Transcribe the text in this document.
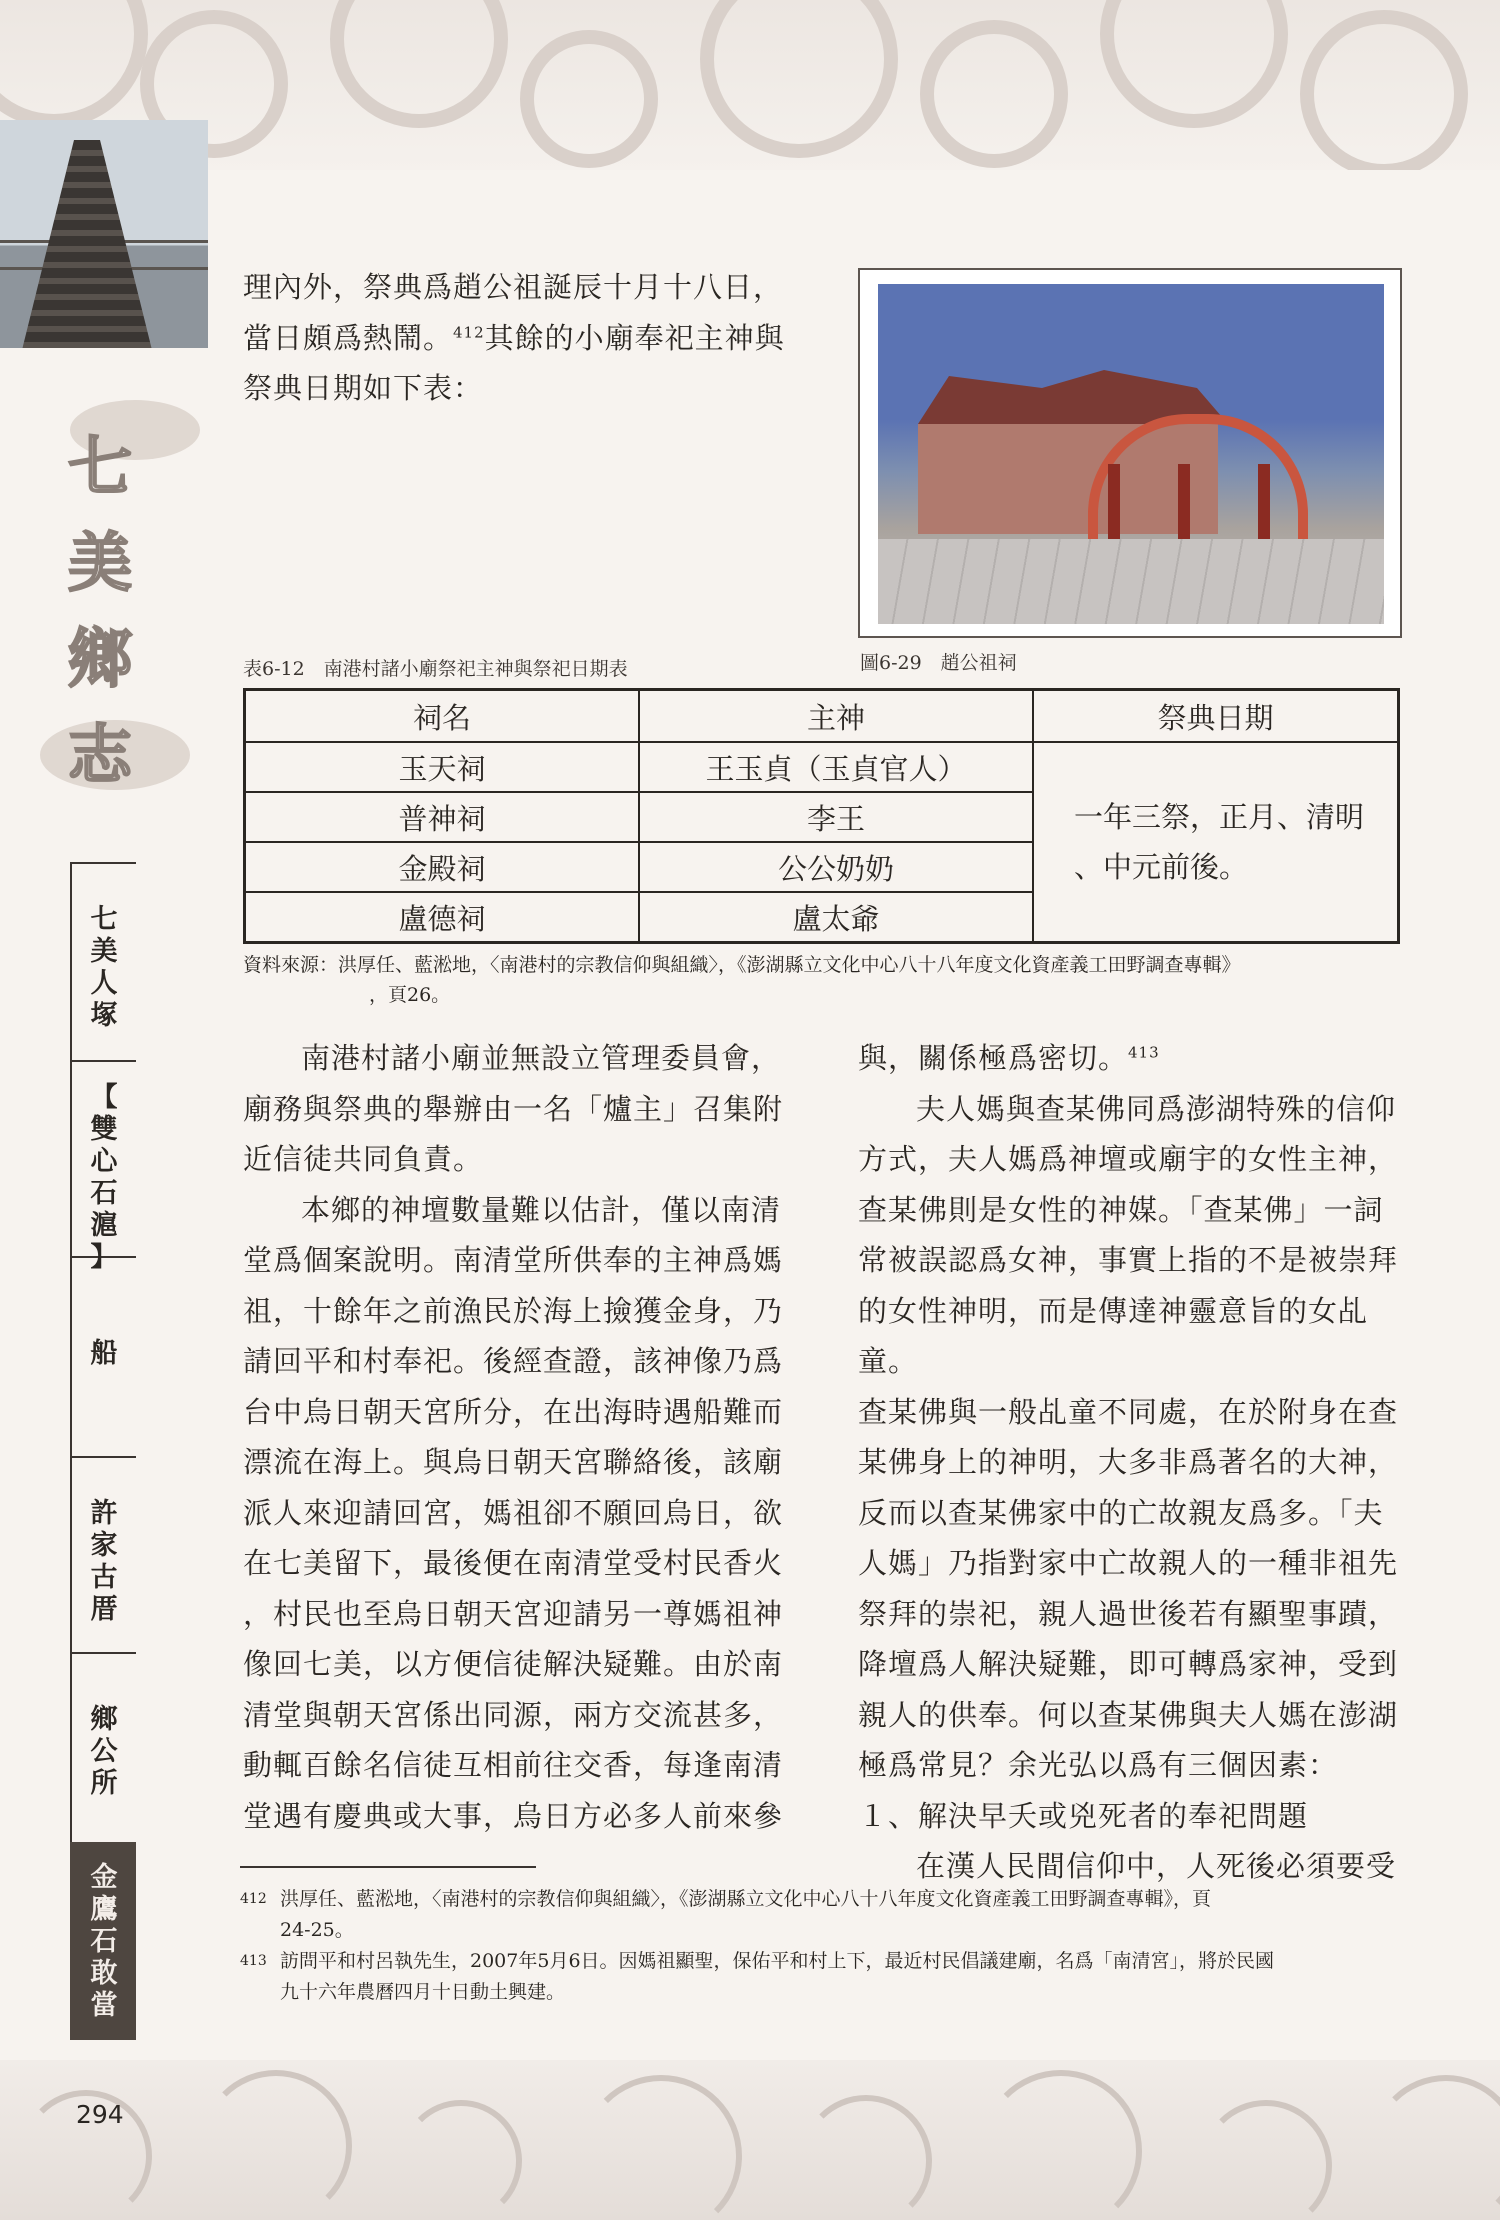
七
美
鄉
志
七
美
人
塚
【
雙
心
石
滬
】
船
許
家
古
厝
鄉
公
所
金
鷹
石
敢
當

理內外，祭典爲趙公祖誕辰十月十八日，

當日頗爲熱鬧。$^{412}$其餘的小廟奉祀主神與

祭典日期如下表：

圖6-29　趙公祖祠
表6-12　南港村諸小廟祭祀主神與祭祀日期表
祠名	主神	祭典日期
玉天祠	王玉貞（玉貞官人）	一年三祭，正月、清明
、中元前後。

普神祠	李王	
金殿祠	公公奶奶	
盧德祠	盧太爺	
資料來源：洪厚任、藍淞地，〈南港村的宗教信仰與組織〉，《澎湖縣立文化中心八十八年度文化資產義工田野調查專輯》
，頁26。

南港村諸小廟並無設立管理委員會，

廟務與祭典的舉辦由一名「爐主」召集附

近信徒共同負責。

本鄉的神壇數量難以估計，僅以南清

堂爲個案說明。南清堂所供奉的主神爲媽

祖，十餘年之前漁民於海上撿獲金身，乃

請回平和村奉祀。後經查證，該神像乃爲

台中烏日朝天宮所分，在出海時遇船難而

漂流在海上。與烏日朝天宮聯絡後，該廟

派人來迎請回宮，媽祖卻不願回烏日，欲

在七美留下，最後便在南清堂受村民香火

，村民也至烏日朝天宮迎請另一尊媽祖神

像回七美，以方便信徒解決疑難。由於南

清堂與朝天宮係出同源，兩方交流甚多，

動輒百餘名信徒互相前往交香，每逢南清

堂遇有慶典或大事，烏日方必多人前來參

與，關係極爲密切。$^{413}$

夫人媽與查某佛同爲澎湖特殊的信仰

方式，夫人媽爲神壇或廟宇的女性主神，

查某佛則是女性的神媒。「查某佛」一詞

常被誤認爲女神，事實上指的不是被崇拜

的女性神明，而是傳達神靈意旨的女乩童。

查某佛與一般乩童不同處，在於附身在查

某佛身上的神明，大多非爲著名的大神，

反而以查某佛家中的亡故親友爲多。「夫

人媽」乃指對家中亡故親人的一種非祖先

祭拜的崇祀，親人過世後若有顯聖事蹟，

降壇爲人解決疑難，即可轉爲家神，受到

親人的供奉。何以查某佛與夫人媽在澎湖

極爲常見？余光弘以爲有三個因素：

１、解決早夭或兇死者的奉祀問題

在漢人民間信仰中，人死後必須要受

412 洪厚任、藍淞地，〈南港村的宗教信仰與組織〉，《澎湖縣立文化中心八十八年度文化資產義工田野調查專輯》，頁
24-25。
413 訪問平和村呂執先生，2007年5月6日。因媽祖顯聖，保佑平和村上下，最近村民倡議建廟，名爲「南清宮」，將於民國
九十六年農曆四月十日動土興建。
294
